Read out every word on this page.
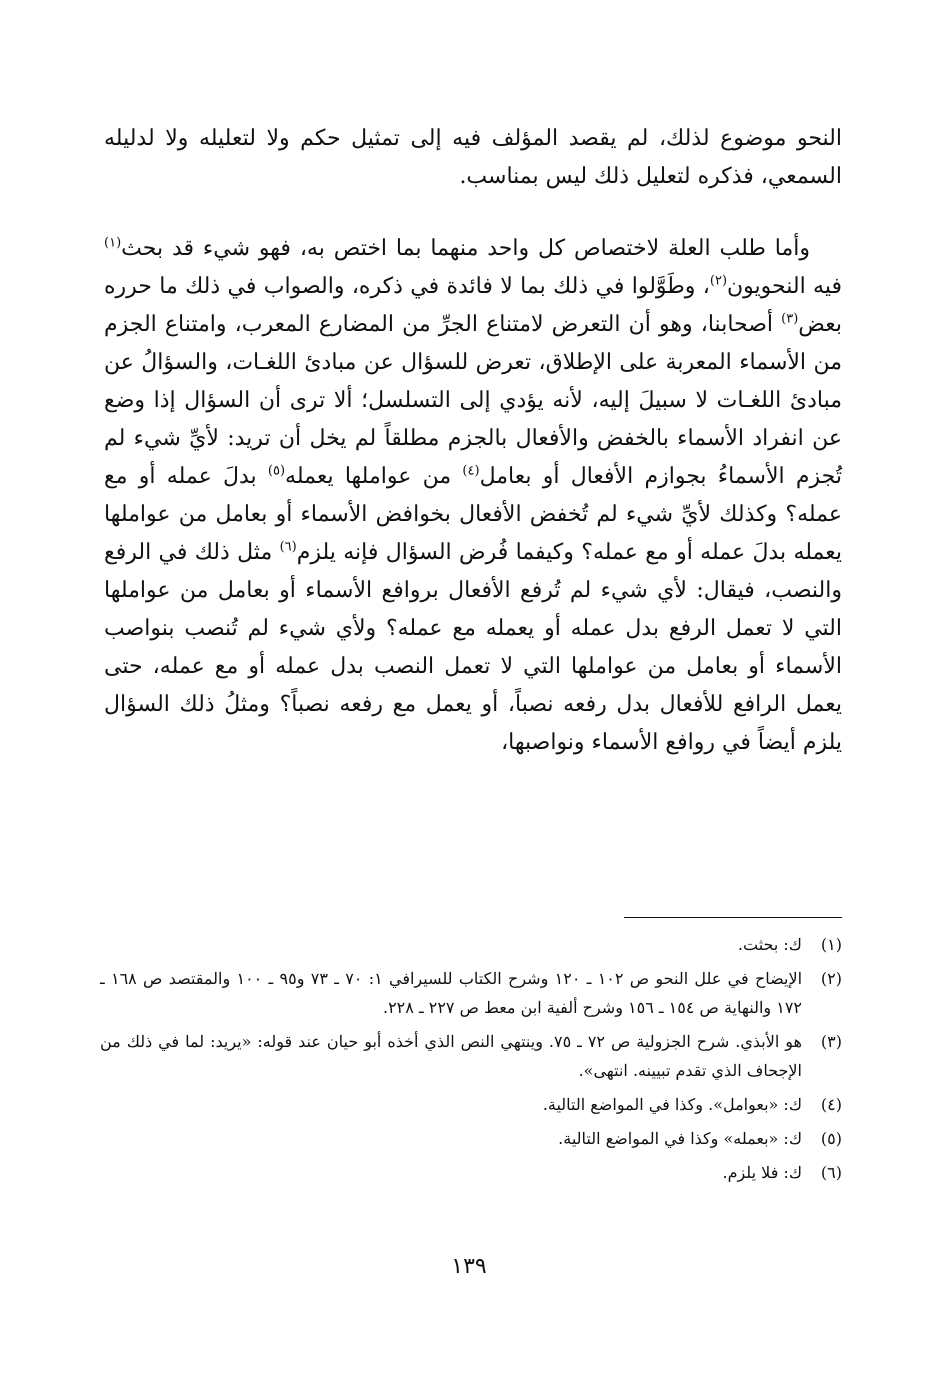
النحو موضوع لذلك، لم يقصد المؤلف فيه إلى تمثيل حكم ولا لتعليله ولا لدليله السمعي، فذكره لتعليل ذلك ليس بمناسب.

وأما طلب العلة لاختصاص كل واحد منهما بما اختص به، فهو شيء قد بحث$^{(١)}$ فيه النحويون$^{(٢)}$، وطَوَّلوا في ذلك بما لا فائدة في ذكره، والصواب في ذلك ما حرره بعض$^{(٣)}$ أصحابنا، وهو أن التعرض لامتناع الجرِّ من المضارع المعرب، وامتناع الجزم من الأسماء المعربة على الإطلاق، تعرض للسؤال عن مبادئ اللغـات، والسؤالُ عن مبادئ اللغـات لا سبيلَ إليه، لأنه يؤدي إلى التسلسل؛ ألا ترى أن السؤال إذا وضع عن انفراد الأسماء بالخفض والأفعال بالجزم مطلقاً لم يخل أن تريد: لأيِّ شيء لم تُجزم الأسماءُ بجوازم الأفعال أو بعامل$^{(٤)}$ من عواملها يعمله$^{(٥)}$ بدلَ عمله أو مع عمله؟ وكذلك لأيِّ شيء لم تُخفض الأفعال بخوافض الأسماء أو بعامل من عواملها يعمله بدلَ عمله أو مع عمله؟ وكيفما فُرض السؤال فإنه يلزم$^{(٦)}$ مثل ذلك في الرفع والنصب، فيقال: لأي شيء لم تُرفع الأفعال بروافع الأسماء أو بعامل من عواملها التي لا تعمل الرفع بدل عمله أو يعمله مع عمله؟ ولأي شيء لم تُنصب بنواصب الأسماء أو بعامل من عواملها التي لا تعمل النصب بدل عمله أو مع عمله، حتى يعمل الرافع للأفعال بدل رفعه نصباً، أو يعمل مع رفعه نصباً؟ ومثلُ ذلك السؤال يلزم أيضاً في روافع الأسماء ونواصبها،

(١)
ك: بحثت.
(٢)
الإيضاح في علل النحو ص ١٠٢ ـ ١٢٠ وشرح الكتاب للسيرافي ١: ٧٠ ـ ٧٣ و٩٥ ـ ١٠٠ والمقتصد ص ١٦٨ ـ ١٧٢ والنهاية ص ١٥٤ ـ ١٥٦ وشرح ألفية ابن معط ص ٢٢٧ ـ ٢٢٨.
(٣)
هو الأبذي. شرح الجزولية ص ٧٢ ـ ٧٥. وينتهي النص الذي أخذه أبو حيان عند قوله: «يريد: لما في ذلك من الإجحاف الذي تقدم تبيينه. انتهى».
(٤)
ك: «بعوامل». وكذا في المواضع التالية.
(٥)
ك: «بعمله» وكذا في المواضع التالية.
(٦)
ك: فلا يلزم.
١٣٩
